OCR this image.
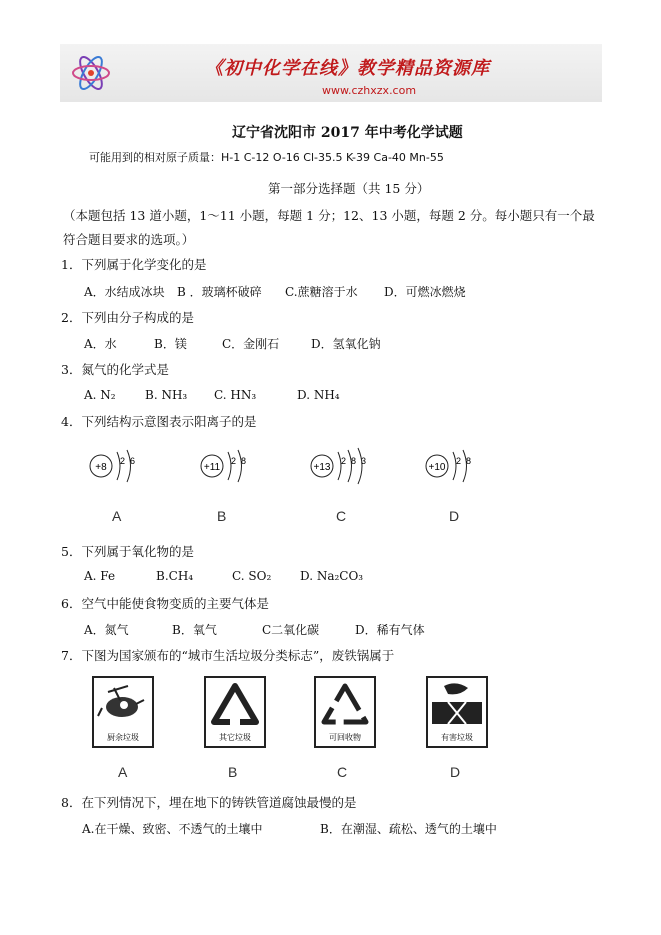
《初中化学在线》教学精品资源库
www.czhxzx.com
辽宁省沈阳市 2017 年中考化学试题
可能用到的相对原子质量：H-1 C-12 O-16 Cl-35.5 K-39 Ca-40 Mn-55
第一部分选择题（共 15 分）
（本题包括 13 道小题，1～11 小题，每题 1 分；12、13 小题，每题 2 分。每小题只有一个最符合题目要求的选项。）
1．下列属于化学变化的是
A．水结成冰块 B ．玻璃杯破碎 C.蔗糖溶于水 D．可燃冰燃烧
2．下列由分子构成的是
A．水	B．镁	C．金刚石	D．氢氧化钠
3．氮气的化学式是
A. N₂ B. NH₃ C. HN₃	D. NH₄
4．下列结构示意图表示阳离子的是
+8
2 6
A
+11
2 8
B
+13
2 8 3
C
+10
2 8
D
5．下列属于氧化物的是
A. Fe	B.CH₄	C. SO₂ D. Na₂CO₃
6．空气中能使食物变质的主要气体是
A．氮气	B．氧气	C二氧化碳	D．稀有气体
7．下图为国家颁布的“城市生活垃圾分类标志”，废铁锅属于
厨余垃圾
A
其它垃圾
B
可回收物
C
有害垃圾
D
8．在下列情况下，埋在地下的铸铁管道腐蚀最慢的是
A.在干燥、致密、不透气的土壤中	B．在潮湿、疏松、透气的土壤中
